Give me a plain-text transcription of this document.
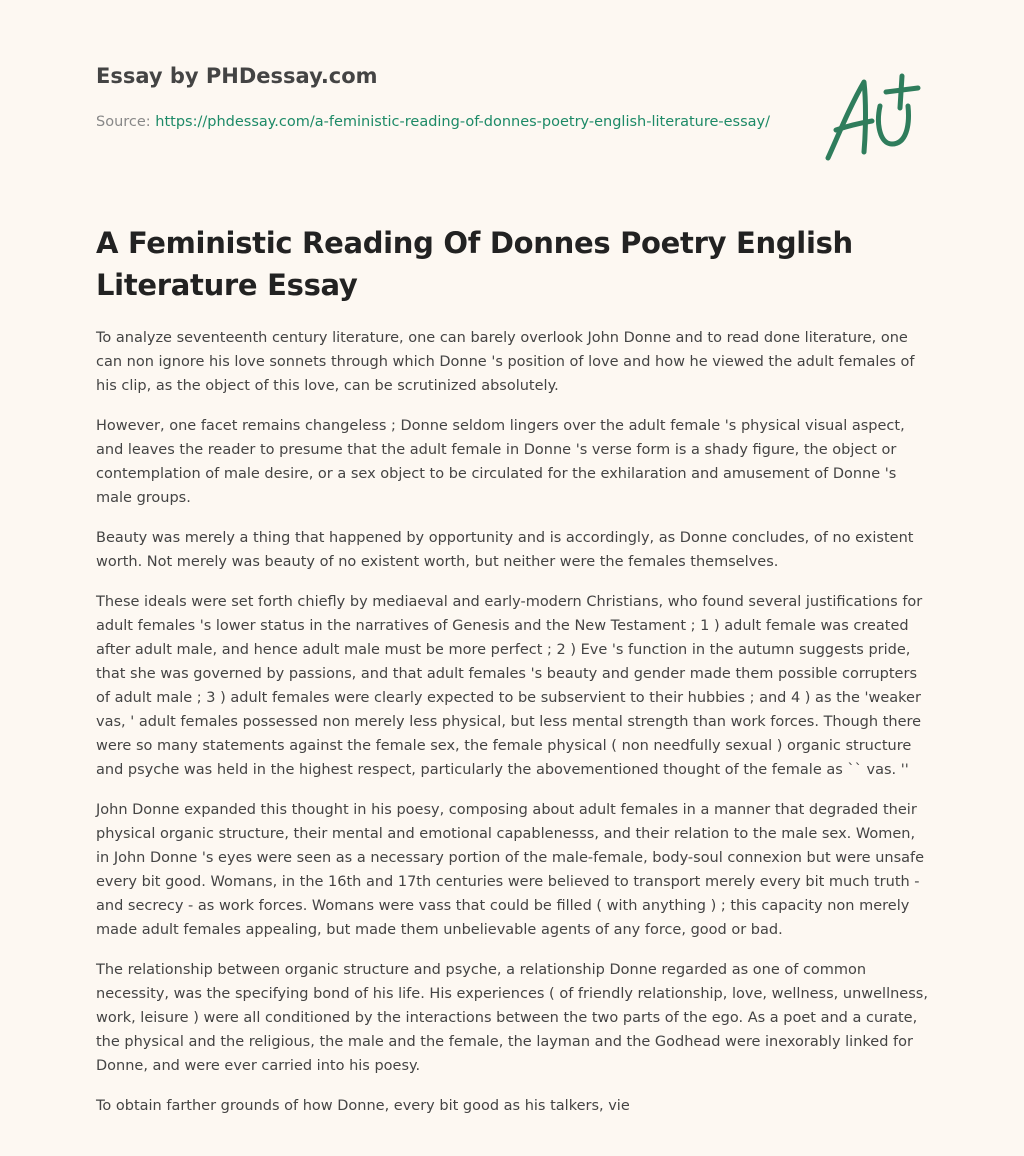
Essay by PHDessay.com
Source: https://phdessay.com/a-feministic-reading-of-donnes-poetry-english-literature-essay/
A Feministic Reading Of Donnes Poetry English Literature Essay

To analyze seventeenth century literature, one can barely overlook John Donne and to read done literature, one can non ignore his love sonnets through which Donne 's position of love and how he viewed the adult females of his clip, as the object of this love, can be scrutinized absolutely.

However, one facet remains changeless ; Donne seldom lingers over the adult female 's physical visual aspect, and leaves the reader to presume that the adult female in Donne 's verse form is a shady figure, the object or contemplation of male desire, or a sex object to be circulated for the exhilaration and amusement of Donne 's male groups.

Beauty was merely a thing that happened by opportunity and is accordingly, as Donne concludes, of no existent worth. Not merely was beauty of no existent worth, but neither were the females themselves.

These ideals were set forth chiefly by mediaeval and early-modern Christians, who found several justifications for adult females 's lower status in the narratives of Genesis and the New Testament ; 1 ) adult female was created after adult male, and hence adult male must be more perfect ; 2 ) Eve 's function in the autumn suggests pride, that she was governed by passions, and that adult females 's beauty and gender made them possible corrupters of adult male ; 3 ) adult females were clearly expected to be subservient to their hubbies ; and 4 ) as the 'weaker vas, ' adult females possessed non merely less physical, but less mental strength than work forces. Though there were so many statements against the female sex, the female physical ( non needfully sexual ) organic structure and psyche was held in the highest respect, particularly the abovementioned thought of the female as `` vas. ''

John Donne expanded this thought in his poesy, composing about adult females in a manner that degraded their physical organic structure, their mental and emotional capablenesss, and their relation to the male sex. Women, in John Donne 's eyes were seen as a necessary portion of the male-female, body-soul connexion but were unsafe every bit good. Womans, in the 16th and 17th centuries were believed to transport merely every bit much truth - and secrecy - as work forces. Womans were vass that could be filled ( with anything ) ; this capacity non merely made adult females appealing, but made them unbelievable agents of any force, good or bad.

The relationship between organic structure and psyche, a relationship Donne regarded as one of common necessity, was the specifying bond of his life. His experiences ( of friendly relationship, love, wellness, unwellness, work, leisure ) were all conditioned by the interactions between the two parts of the ego. As a poet and a curate, the physical and the religious, the male and the female, the layman and the Godhead were inexorably linked for Donne, and were ever carried into his poesy.

To obtain farther grounds of how Donne, every bit good as his talkers, vie
